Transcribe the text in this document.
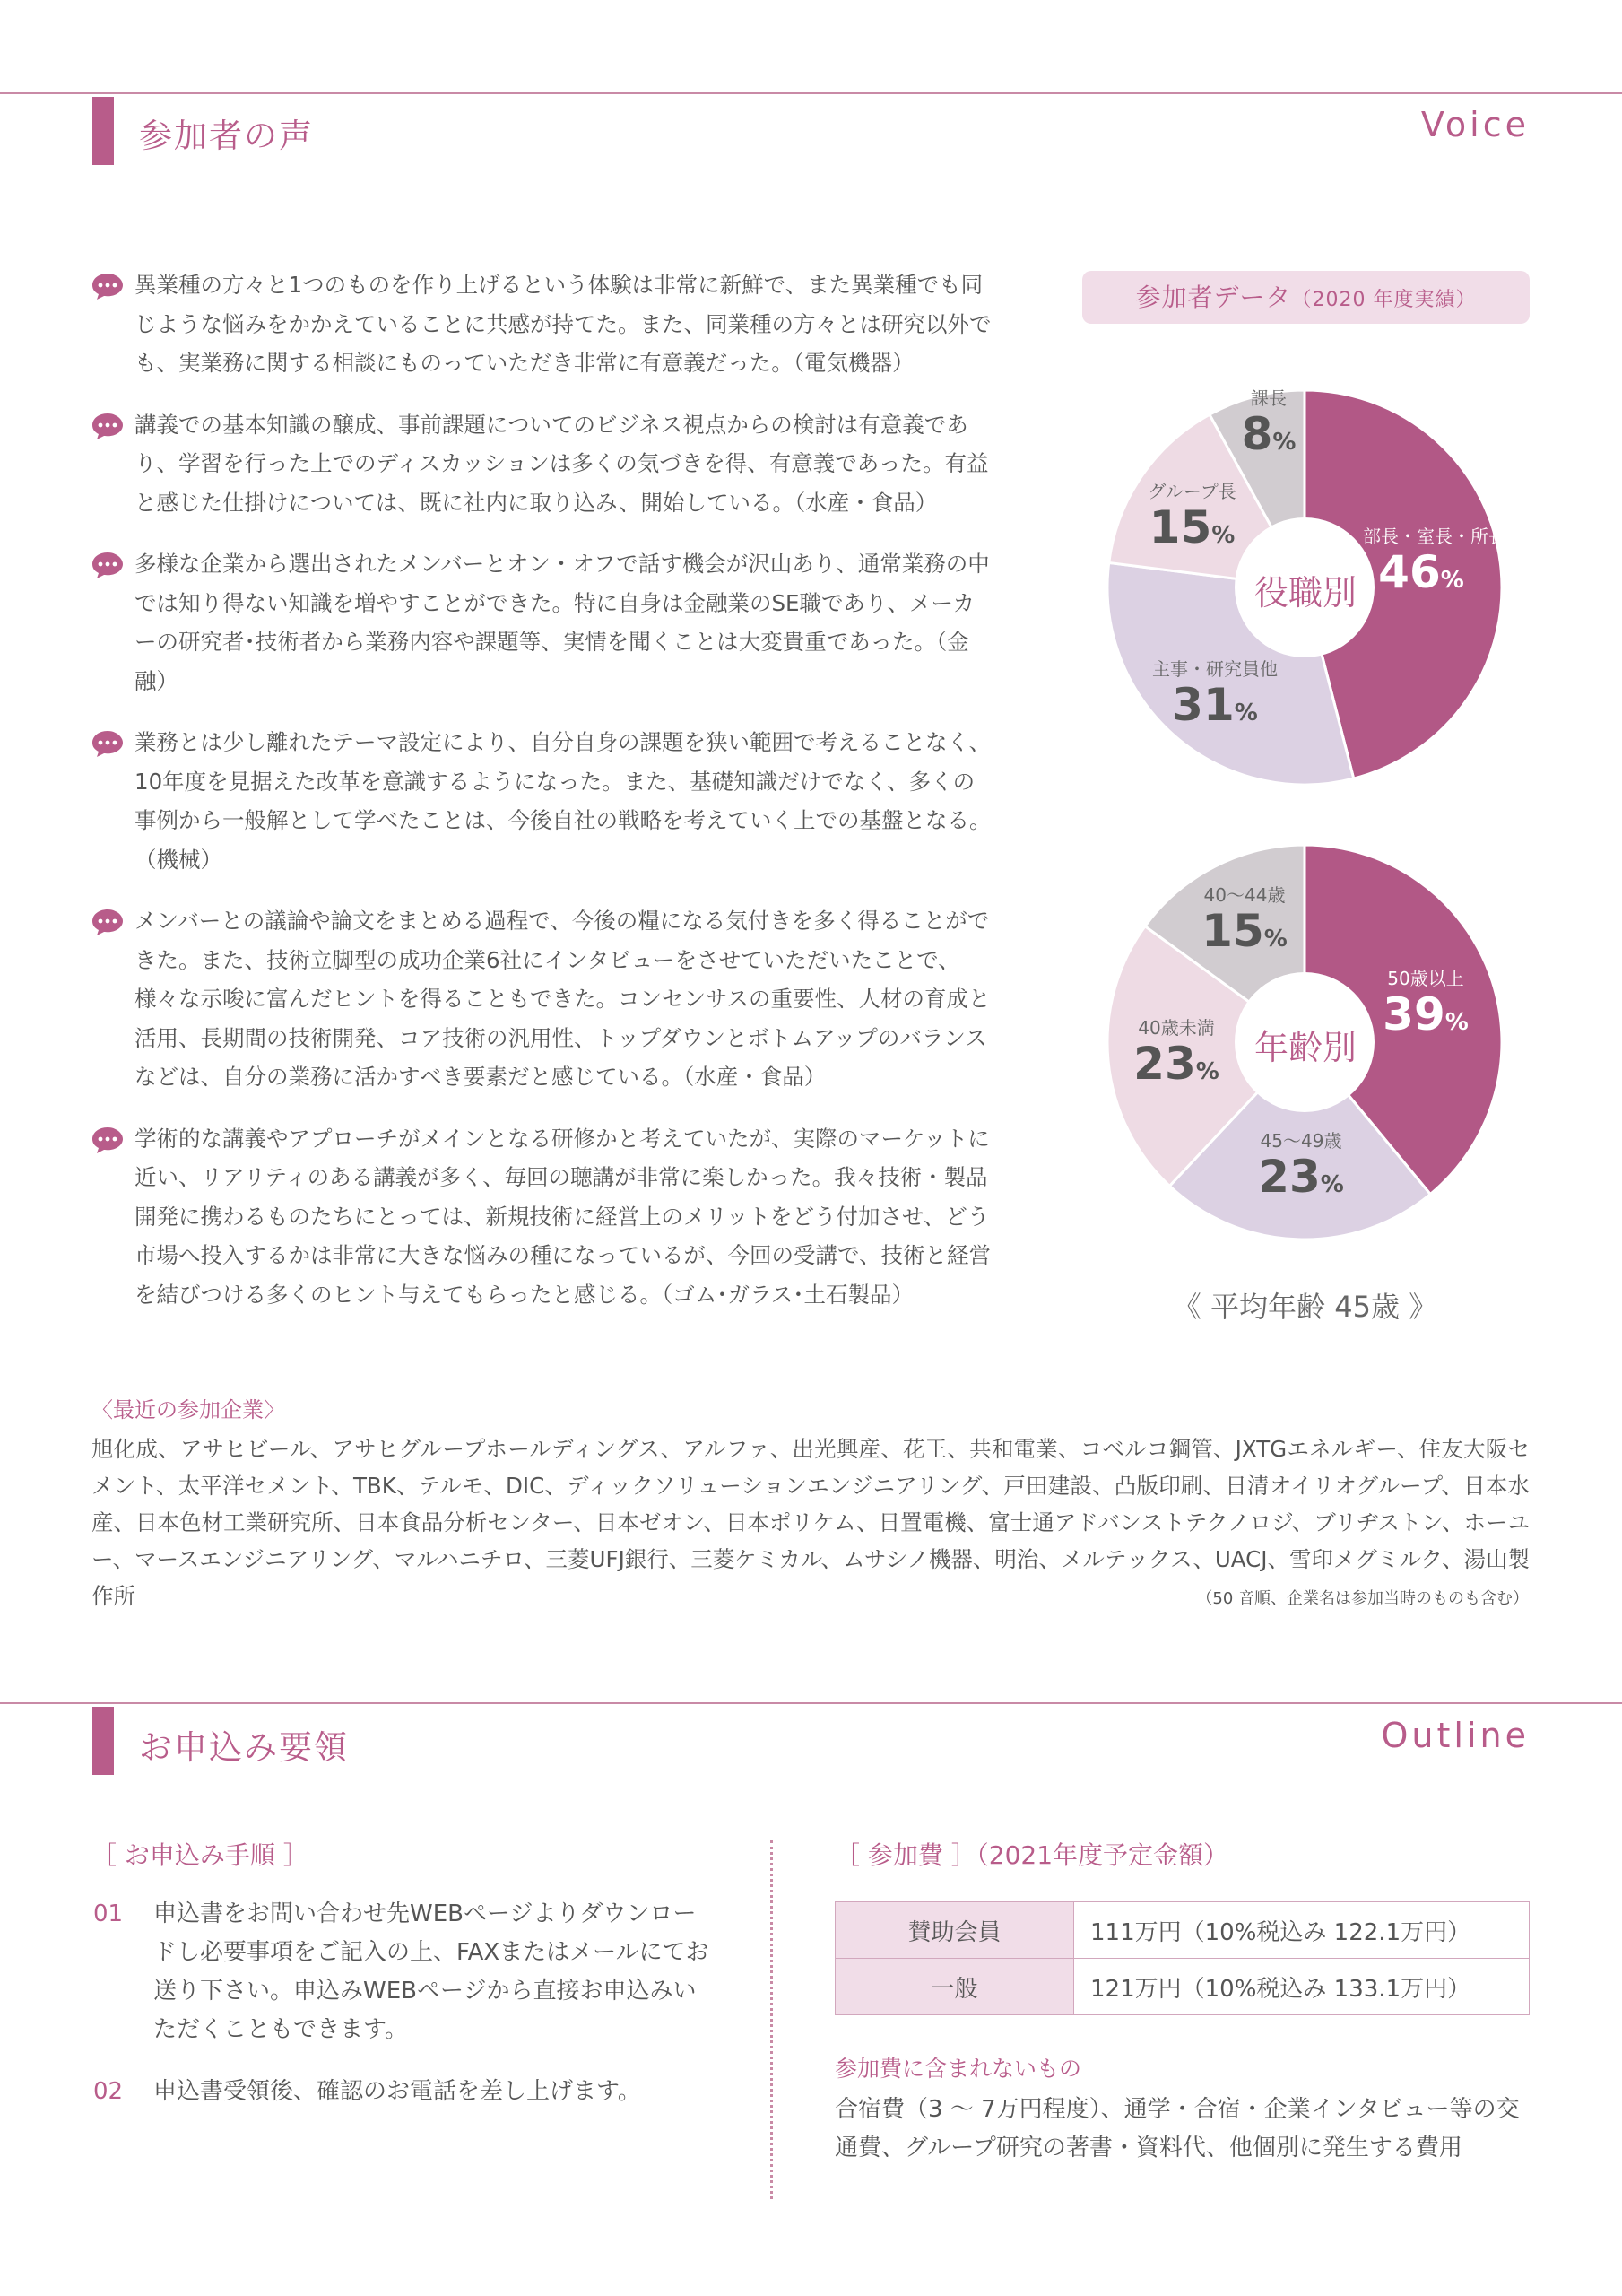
参加者の声	Voice
異業種の方々と1つのものを作り上げるという体験は非常に新鮮で、また異業種でも同じような悩みをかかえていることに共感が持てた。また、同業種の方々とは研究以外でも、実業務に関する相談にものっていただき非常に有意義だった。（電気機器）
講義での基本知識の醸成、事前課題についてのビジネス視点からの検討は有意義であり、学習を行った上でのディスカッションは多くの気づきを得、有意義であった。有益と感じた仕掛けについては、既に社内に取り込み、開始している。（水産・食品）
多様な企業から選出されたメンバーとオン・オフで話す機会が沢山あり、通常業務の中では知り得ない知識を増やすことができた。特に自身は金融業のSE職であり、メーカーの研究者･技術者から業務内容や課題等、実情を聞くことは大変貴重であった。（金融）
業務とは少し離れたテーマ設定により、自分自身の課題を狭い範囲で考えることなく、10年度を見据えた改革を意識するようになった。また、基礎知識だけでなく、多くの事例から一般解として学べたことは、今後自社の戦略を考えていく上での基盤となる。（機械）
メンバーとの議論や論文をまとめる過程で、今後の糧になる気付きを多く得ることができた。また、技術立脚型の成功企業6社にインタビューをさせていただいたことで、様々な示唆に富んだヒントを得ることもできた。コンセンサスの重要性、人材の育成と活用、長期間の技術開発、コア技術の汎用性、トップダウンとボトムアップのバランスなどは、自分の業務に活かすべき要素だと感じている。（水産・食品）
学術的な講義やアプローチがメインとなる研修かと考えていたが、実際のマーケットに近い、リアリティのある講義が多く、毎回の聴講が非常に楽しかった。我々技術・製品開発に携わるものたちにとっては、新規技術に経営上のメリットをどう付加させ、どう市場へ投入するかは非常に大きな悩みの種になっているが、今回の受講で、技術と経営を結びつける多くのヒント与えてもらったと感じる。（ゴム･ガラス･土石製品）
参加者データ（2020 年度実績）
役職別
部長・室長・所長
46%
主事・研究員他
31%
グループ長
15%
課長
8%
年齢別
50歳以上
39%
45〜49歳
23%
40歳未満
23%
40〜44歳
15%
《 平均年齢 45歳 》
〈最近の参加企業〉

旭化成、アサヒビール、アサヒグループホールディングス、アルファ、出光興産、花王、共和電業、コベルコ鋼管、JXTGエネルギー、住友大阪セメント、太平洋セメント、TBK、テルモ、DIC、ディックソリューションエンジニアリング、戸田建設、凸版印刷、日清オイリオグループ、日本水産、日本色材工業研究所、日本食品分析センター、日本ゼオン、日本ポリケム、日置電機、富士通アドバンストテクノロジ、ブリヂストン、ホーユー、マースエンジニアリング、マルハニチロ、三菱UFJ銀行、三菱ケミカル、ムサシノ機器、明治、メルテックス、UACJ、雪印メグミルク、湯山製作所	（50 音順、企業名は参加当時のものも含む）
お申込み要領	Outline
［ お申込み手順 ］
01 申込書をお問い合わせ先WEBページよりダウンロードし必要事項をご記入の上、FAXまたはメールにてお送り下さい。申込みWEBページから直接お申込みいただくこともできます。
02 申込書受領後、確認のお電話を差し上げます。
［ 参加費 ］（2021年度予定金額）
賛助会員	111万円（10%税込み 122.1万円）
一般	121万円（10%税込み 133.1万円）
参加費に含まれないもの

合宿費（3 〜 7万円程度）、通学・合宿・企業インタビュー等の交通費、グループ研究の著書・資料代、他個別に発生する費用
